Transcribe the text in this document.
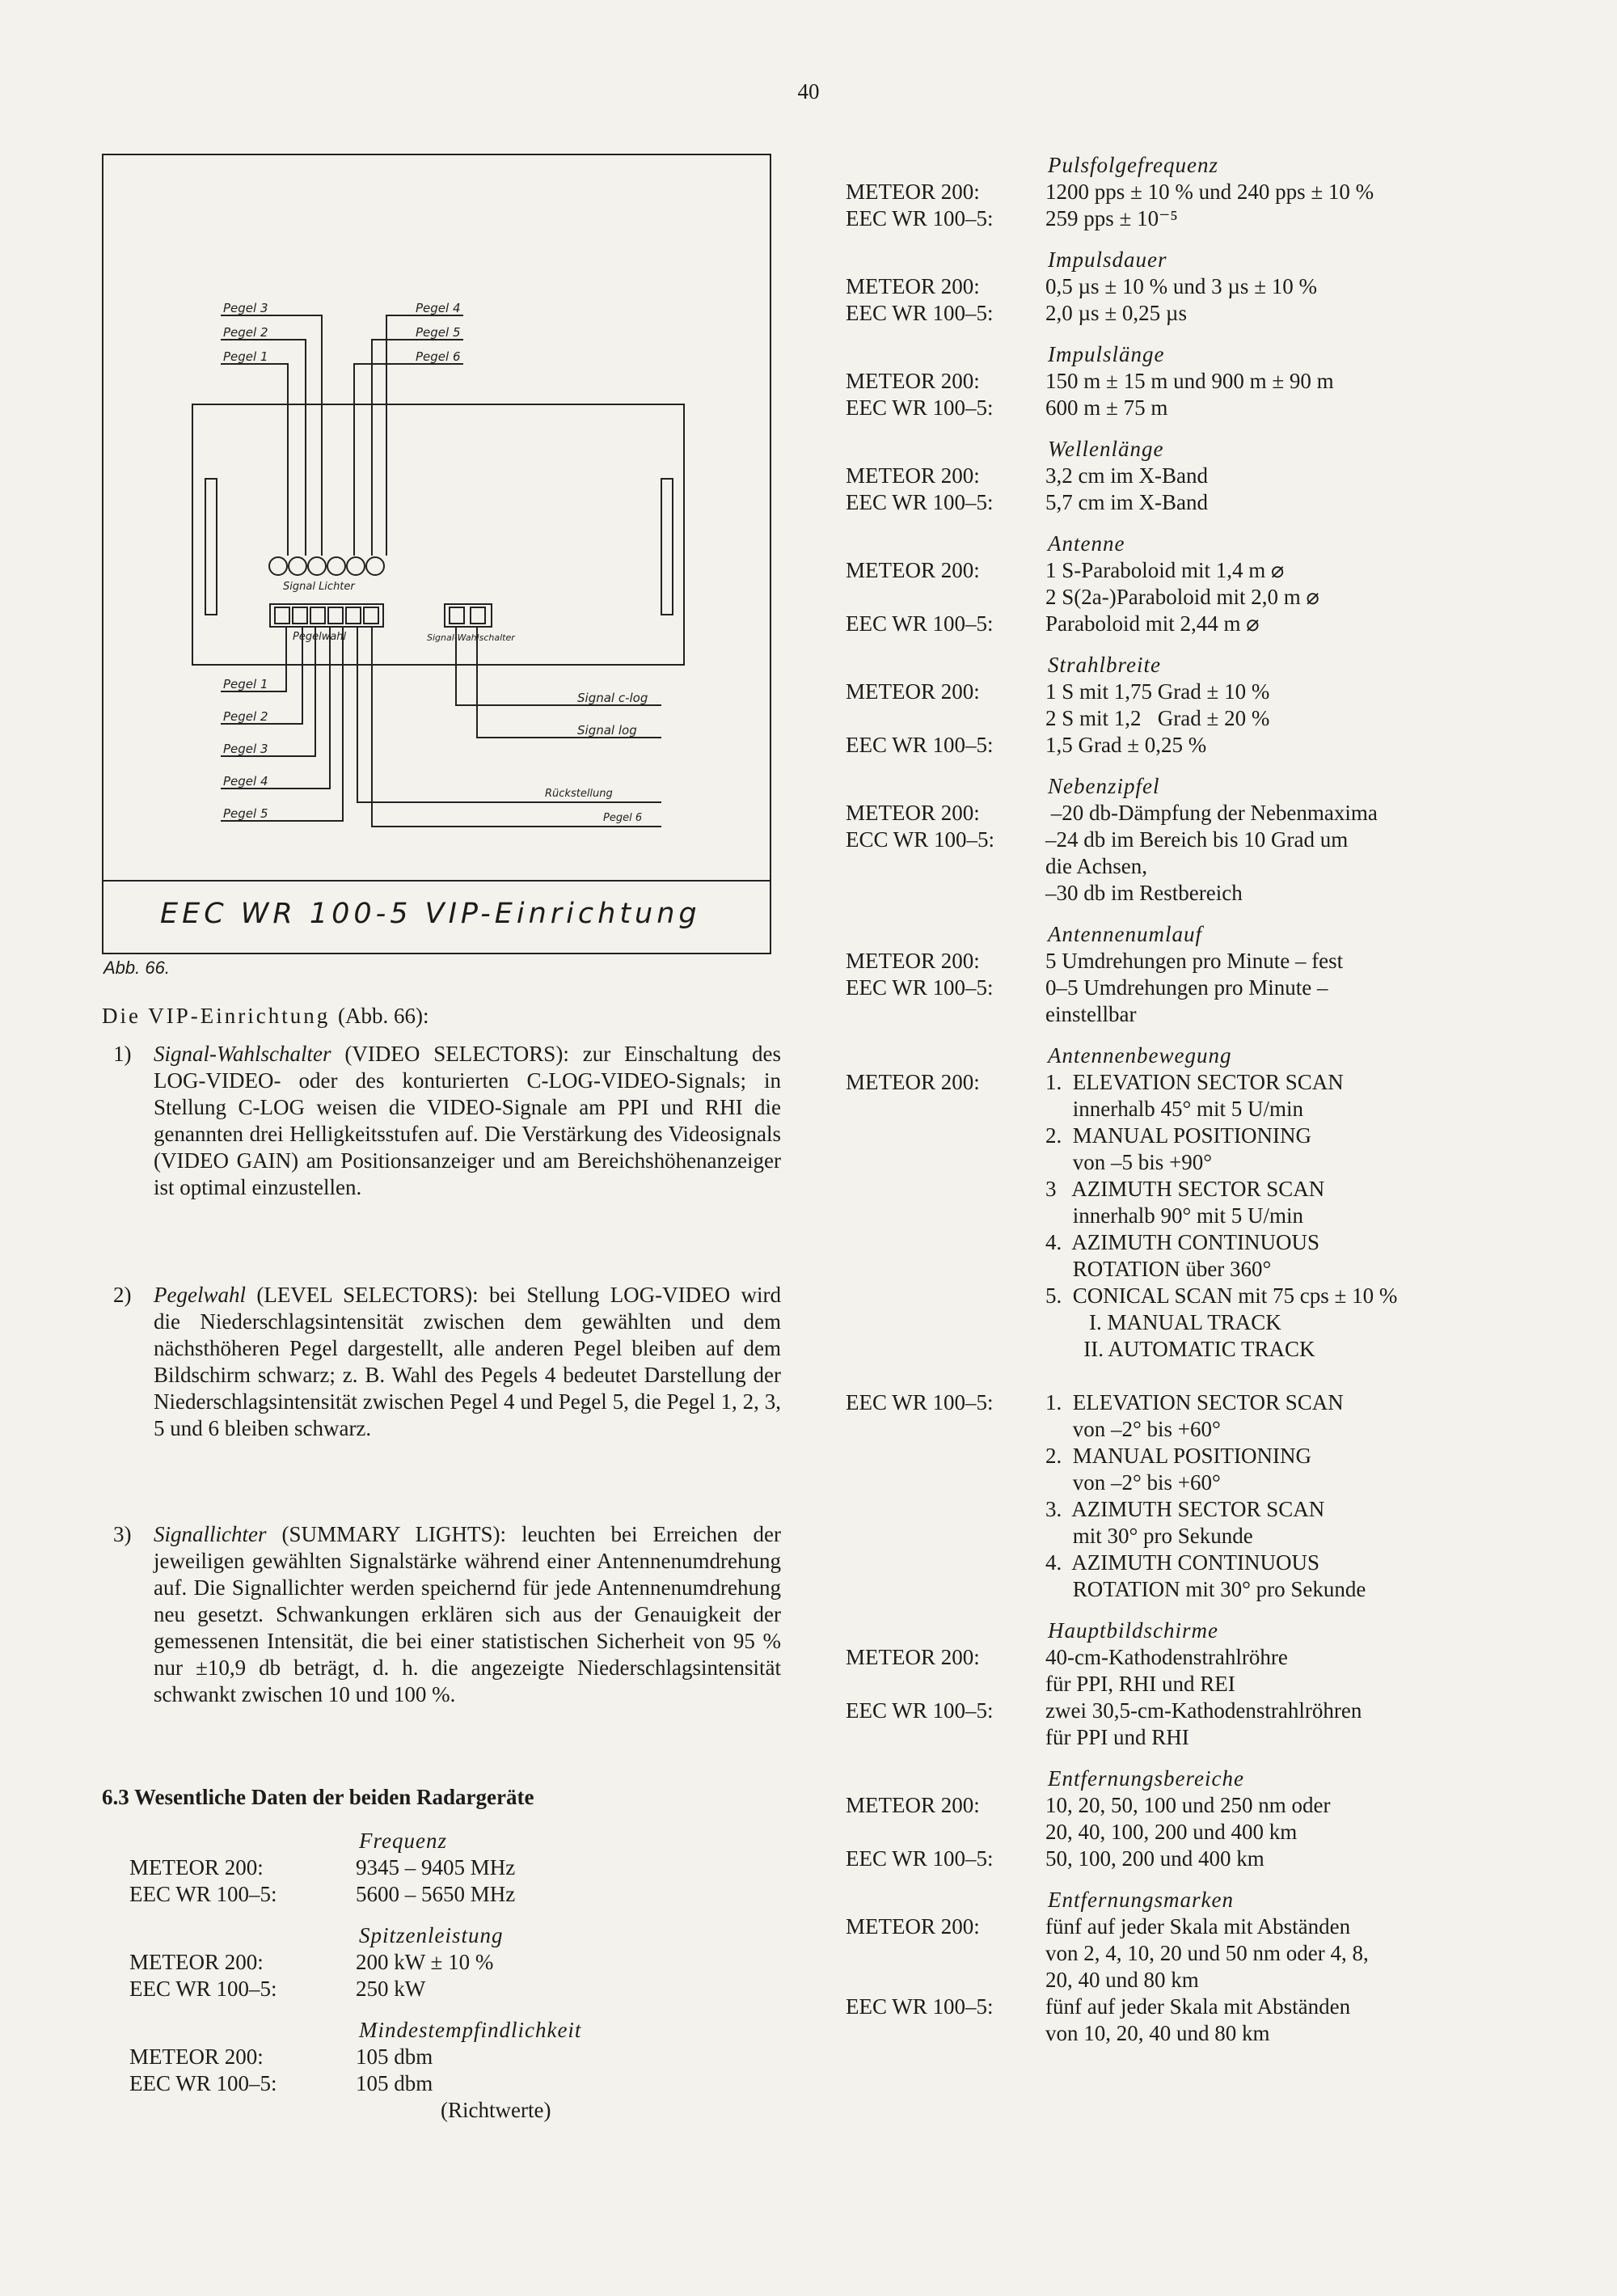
40
Pegel 3
Pegel 2
Pegel 1
Pegel 4
Pegel 5
Pegel 6
Signal Lichter
Pegelwahl	Signal-Wahlschalter
Pegel 1
Pegel 2
Pegel 3
Pegel 4
Pegel 5
Signal c-log
Signal log
Rückstellung
Pegel 6
EEC WR 100-5 VIP-Einrichtung
Abb. 66.
Die VIP-Einrichtung (Abb. 66):
1) Signal-Wahlschalter (VIDEO SELECTORS): zur Einschaltung des LOG-VIDEO- oder des konturierten C-LOG-VIDEO-Signals; in Stellung C-LOG weisen die VIDEO-Signale am PPI und RHI die genannten drei Helligkeitsstufen auf. Die Verstärkung des Videosignals (VIDEO GAIN) am Positionsanzeiger und am Bereichshöhenanzeiger ist optimal einzustellen.
2) Pegelwahl (LEVEL SELECTORS): bei Stellung LOG-VIDEO wird die Niederschlagsintensität zwischen dem gewählten und dem nächsthöheren Pegel dargestellt, alle anderen Pegel bleiben auf dem Bildschirm schwarz; z. B. Wahl des Pegels 4 bedeutet Darstellung der Niederschlagsintensität zwischen Pegel 4 und Pegel 5, die Pegel 1, 2, 3, 5 und 6 bleiben schwarz.
3) Signallichter (SUMMARY LIGHTS): leuchten bei Erreichen der jeweiligen gewählten Signalstärke während einer Antennenumdrehung auf. Die Signallichter werden speichernd für jede Antennenumdrehung neu gesetzt. Schwankungen erklären sich aus der Genauigkeit der gemessenen Intensität, die bei einer statistischen Sicherheit von 95 % nur ±10,9 db beträgt, d. h. die angezeigte Niederschlagsintensität schwankt zwischen 10 und 100 %.
6.3 Wesentliche Daten der beiden Radargeräte
Frequenz
METEOR 200:	9345 – 9405 MHz
EEC WR 100–5:	5600 – 5650 MHz
Spitzenleistung
METEOR 200:	200 kW ± 10 %
EEC WR 100–5:	250 kW
Mindestempfindlichkeit
METEOR 200:	105 dbm
EEC WR 100–5:	105 dbm
(Richtwerte)
Pulsfolgefrequenz
METEOR 200:	1200 pps ± 10 % und 240 pps ± 10 %
EEC WR 100–5: 259 pps ± 10⁻⁵
Impulsdauer
METEOR 200:	0,5 µs ± 10 % und 3 µs ± 10 %
EEC WR 100–5: 2,0 µs ± 0,25 µs
Impulslänge
METEOR 200:	150 m ± 15 m und 900 m ± 90 m
EEC WR 100–5: 600 m ± 75 m
Wellenlänge
METEOR 200:	3,2 cm im X-Band
EEC WR 100–5: 5,7 cm im X-Band
Antenne
METEOR 200:	1 S-Paraboloid mit 1,4 m ⌀
2 S(2a-)Paraboloid mit 2,0 m ⌀
EEC WR 100–5: Paraboloid mit 2,44 m ⌀
Strahlbreite
METEOR 200:	1 S mit 1,75 Grad ± 10 %
2 S mit 1,2   Grad ± 20 %
EEC WR 100–5: 1,5 Grad ± 0,25 %
Nebenzipfel
METEOR 200:	–20 db-Dämpfung der Nebenmaxima
ECC WR 100–5: –24 db im Bereich bis 10 Grad um
die Achsen,
–30 db im Restbereich
Antennenumlauf
METEOR 200:	5 Umdrehungen pro Minute – fest
EEC WR 100–5: 0–5 Umdrehungen pro Minute –
einstellbar
Antennenbewegung
METEOR 200:	1.  ELEVATION SECTOR SCAN
innerhalb 45° mit 5 U/min
2.  MANUAL POSITIONING
von –5 bis +90°
3   AZIMUTH SECTOR SCAN
innerhalb 90° mit 5 U/min
4.  AZIMUTH CONTINUOUS
ROTATION über 360°
5.  CONICAL SCAN mit 75 cps ± 10 %
I. MANUAL TRACK
II. AUTOMATIC TRACK
EEC WR 100–5: 1.  ELEVATION SECTOR SCAN
von –2° bis +60°
2.  MANUAL POSITIONING
von –2° bis +60°
3.  AZIMUTH SECTOR SCAN
mit 30° pro Sekunde
4.  AZIMUTH CONTINUOUS
ROTATION mit 30° pro Sekunde
Hauptbildschirme
METEOR 200:	40-cm-Kathodenstrahlröhre
für PPI, RHI und REI
EEC WR 100–5: zwei 30,5-cm-Kathodenstrahlröhren
für PPI und RHI
Entfernungsbereiche
METEOR 200:	10, 20, 50, 100 und 250 nm oder
20, 40, 100, 200 und 400 km
EEC WR 100–5: 50, 100, 200 und 400 km
Entfernungsmarken
METEOR 200:	fünf auf jeder Skala mit Abständen
von 2, 4, 10, 20 und 50 nm oder 4, 8,
20, 40 und 80 km
EEC WR 100–5: fünf auf jeder Skala mit Abständen
von 10, 20, 40 und 80 km
